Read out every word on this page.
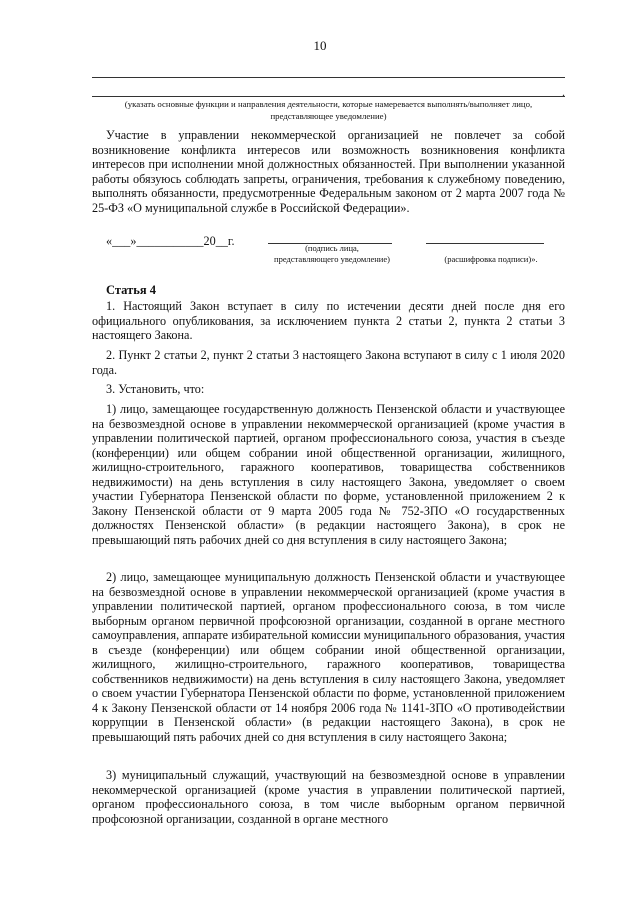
10
.
(указать основные функции и направления деятельности, которые намеревается выполнять/выполняет лицо,
представляющее уведомление)

Участие в управлении некоммерческой организацией не повлечет за собой возникновение конфликта интересов или возможность возникновения конфликта интересов при исполнении мной должностных обязанностей. При выполнении указанной работы обязуюсь соблюдать запреты, ограничения, требования к служебному поведению, выполнять обязанности, предусмотренные Федеральным законом от 2 марта 2007 года № 25-ФЗ «О муниципальной службе в Российской Федерации».

«___»___________20__г.	(подпись лица,
представляющего уведомление)	(расшифровка подписи)».
Статья 4

1. Настоящий Закон вступает в силу по истечении десяти дней после дня его официального опубликования, за исключением пункта 2 статьи 2, пункта 2 статьи 3 настоящего Закона.

2. Пункт 2 статьи 2, пункт 2 статьи 3 настоящего Закона вступают в силу с 1 июля 2020 года.

3. Установить, что:

1) лицо, замещающее государственную должность Пензенской области и участвующее на безвозмездной основе в управлении некоммерческой организацией (кроме участия в управлении политической партией, органом профессионального союза, участия в съезде (конференции) или общем собрании иной общественной организации, жилищного, жилищно-строительного, гаражного кооперативов, товарищества собственников недвижимости) на день вступления в силу настоящего Закона, уведомляет о своем участии Губернатора Пензенской области по форме, установленной приложением 2 к Закону Пензенской области от 9 марта 2005 года № 752-ЗПО «О государственных должностях Пензенской области» (в редакции настоящего Закона), в срок не превышающий пять рабочих дней со дня вступления в силу настоящего Закона;

2) лицо, замещающее муниципальную должность Пензенской области и участвующее на безвозмездной основе в управлении некоммерческой организацией (кроме участия в управлении политической партией, органом профессионального союза, в том числе выборным органом первичной профсоюзной организации, созданной в органе местного самоуправления, аппарате избирательной комиссии муниципального образования, участия в съезде (конференции) или общем собрании иной общественной организации, жилищного, жилищно-строительного, гаражного кооперативов, товарищества собственников недвижимости) на день вступления в силу настоящего Закона, уведомляет о своем участии Губернатора Пензенской области по форме, установленной приложением 4 к Закону Пензенской области от 14 ноября 2006 года № 1141-ЗПО «О противодействии коррупции в Пензенской области» (в редакции настоящего Закона), в срок не превышающий пять рабочих дней со дня вступления в силу настоящего Закона;

3) муниципальный служащий, участвующий на безвозмездной основе в управлении некоммерческой организацией (кроме участия в управлении политической партией, органом профессионального союза, в том числе выборным органом первичной профсоюзной организации, созданной в органе местного
